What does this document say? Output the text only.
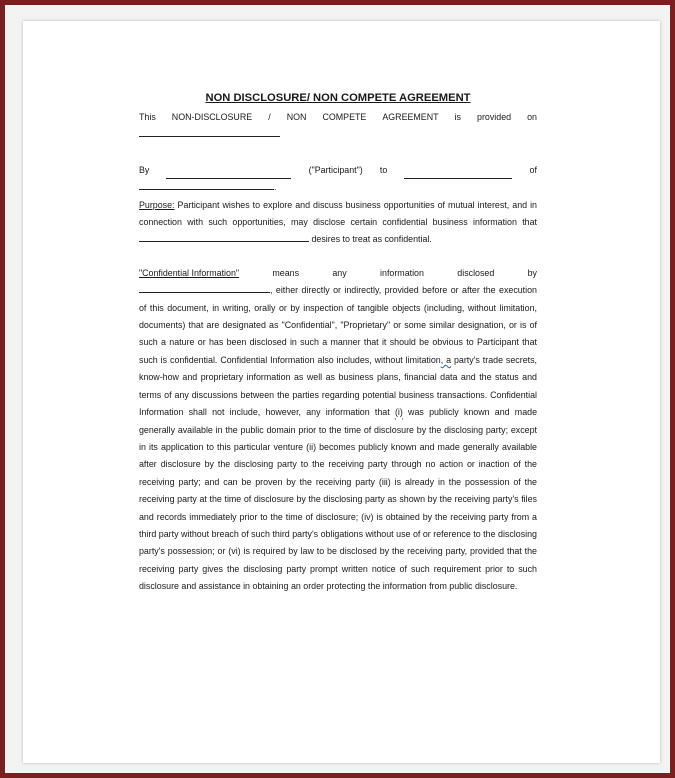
NON DISCLOSURE/ NON COMPETE AGREEMENT
This NON-DISCLOSURE / NON COMPETE AGREEMENT is provided on
By	("Participant") to	of
.

Purpose: Participant wishes to explore and discuss business opportunities of mutual interest, and in connection with such opportunities, may disclose certain confidential business information that  desires to treat as confidential.

"Confidential Information"	means	any	information	disclosed	by

, either directly or indirectly, provided before or after the execution of this document, in writing, orally or by inspection of tangible objects (including, without limitation, documents) that are designated as "Confidential", "Proprietary" or some similar designation, or is of such a nature or has been disclosed in such a manner that it should be obvious to Participant that such is confidential. Confidential Information also includes, without limitation, a party's trade secrets, know-how and proprietary information as well as business plans, financial data and the status and terms of any discussions between the parties regarding potential business transactions. Confidential Information shall not include, however, any information that (i) was publicly known and made generally available in the public domain prior to the time of disclosure by the disclosing party; except in its application to this particular venture (ii) becomes publicly known and made generally available after disclosure by the disclosing party to the receiving party through no action or inaction of the receiving party; and can be proven by the receiving party (iii) is already in the possession of the receiving party at the time of disclosure by the disclosing party as shown by the receiving party's files and records immediately prior to the time of disclosure; (iv) is obtained by the receiving party from a third party without breach of such third party's obligations without use of or reference to the disclosing party's possession; or (vi) is required by law to be disclosed by the receiving party, provided that the receiving party gives the disclosing party prompt written notice of such requirement prior to such disclosure and assistance in obtaining an order protecting the information from public disclosure.
